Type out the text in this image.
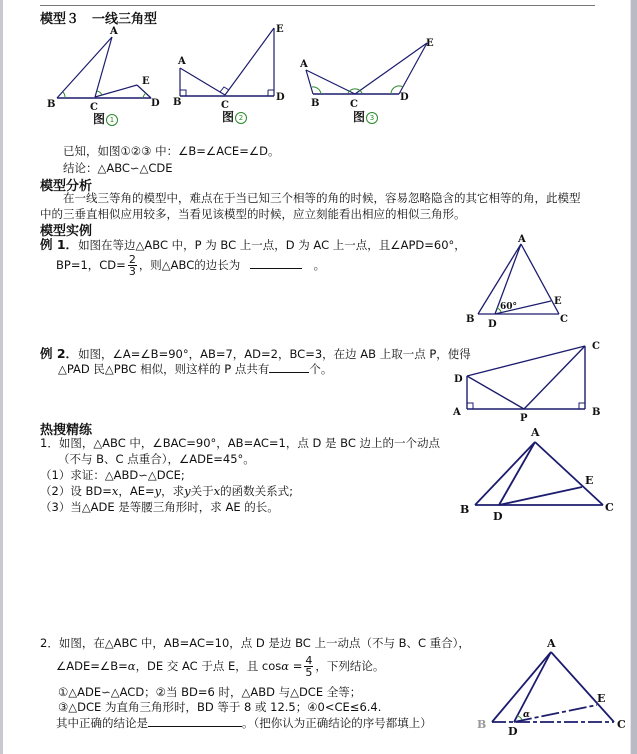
模型３　一线三角型
A
B	C	D
E
图 1
A
B	C
D
E
图 2
A
B	C
D
E
图 3
已知，如图①②③ 中：∠B=∠ACE=∠D。
结论：△ABC∽△CDE
模型分析
在一线三等角的模型中，难点在于当已知三个相等的角的时候，容易忽略隐含的其它相等的角，此模型
中的三垂直相似应用较多，当看见该模型的时候，应立刻能看出相应的相似三角形。
模型实例
例 1．如图在等边△ABC 中，P 为 BC 上一点，D 为 AC 上一点，且∠APD=60°，
BP=1，$CD= \frac{2}{3}$ ，则△ABC的边长为	。
A
B	C
D
E
60°
例 2．如图，∠A=∠B=90°，AB=7，AD=2，BC=3，在边 AB 上取一点 P，使得
△PAD 民△PBC 相似，则这样的 P 点共有	个。
A	B
C
D
P
热搜精练
1．如图，△ABC 中，∠BAC=90°，AB=AC=1，点 D 是 BC 边上的一个动点
（不与 B、C 点重合），∠ADE=45°。
（1）求证：△ABD∽△DCE;
（2）设 BD=x，AE=y，求y关于x的函数关系式;
（3）当△ADE 是等腰三角形时，求 AE 的长。
A
B	C
D
E
2．如图，在△ABC 中，AB=AC=10，点 D 是边 BC 上一动点（不与 B、C 重合），
∠ADE=∠B=α，DE 交 AC 于点 E，且 $\cos\alpha = \frac{4}{5}$ ，下列结论。
①△ADE∽△ACD；②当 BD=6 时，△ABD 与△DCE 全等；
③△DCE 为直角三角形时，BD 等于 8 或 12.5；④0<CE≤6.4.
其中正确的结论是	。（把你认为正确结论的序号都填上）
A
B	C
D
E
α
